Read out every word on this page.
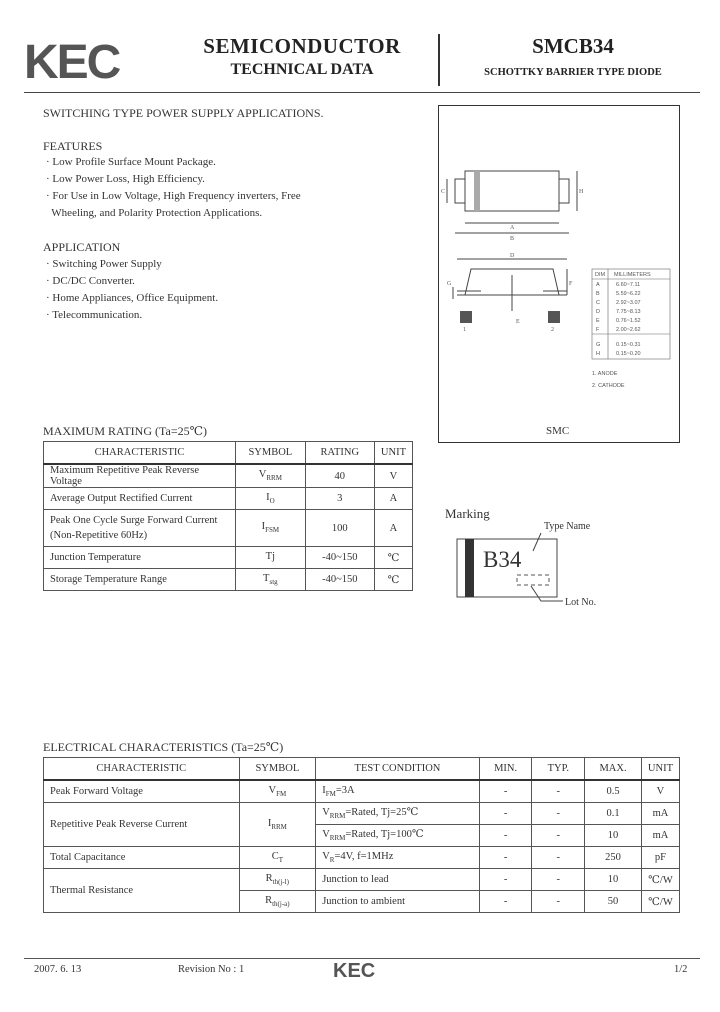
KEC	SEMICONDUCTOR
TECHNICAL DATA
SMCB34
SCHOTTKY BARRIER TYPE DIODE
SWITCHING TYPE POWER SUPPLY APPLICATIONS.
FEATURES
· Low Profile Surface Mount Package.
· Low Power Loss, High Efficiency.
· For Use in Low Voltage, High Frequency inverters, Free
Wheeling, and Polarity Protection Applications.
APPLICATION
· Switching Power Supply
· DC/DC Converter.
· Home Appliances, Office Equipment.
· Telecommunication.
A
B
C	H
D
E
F
G
1	2
DIM MILLIMETERS
A	6.60~7.11
B	5.59~6.22
C	2.92~3.07
D	7.75~8.13
E	0.76~1.52
F	2.00~2.62
G	0.15~0.31
H	0.15~0.20
1. ANODE
2. CATHODE
SMC
MAXIMUM RATING (Ta=25℃)
CHARACTERISTIC	SYMBOL	RATING	UNIT
Maximum Repetitive Peak Reverse Voltage	$V_{RRM}$	40	V
Average Output Rectified Current	$I_O$	3	A

Peak One Cycle Surge Forward Current
(Non-Repetitive 60Hz)	$I_{FSM}$	100	A
Junction Temperature	Tj	-40~150	℃
Storage Temperature Range	$T_{stg}$	-40~150	℃
Marking
B34
Type Name
Lot No.
ELECTRICAL CHARACTERISTICS (Ta=25℃)
CHARACTERISTIC	SYMBOL	TEST CONDITION	MIN.	TYP.	MAX.	UNIT
Peak Forward Voltage	$V_{FM}$	$I_{FM}=3A$	-	-	0.5	V
Repetitive Peak Reverse Current	$I_{RRM}$	$V_{RRM}=Rated$, Tj=25℃	-	-	0.1	mA
		$V_{RRM}=Rated$, Tj=100℃	-	-	10	mA
Total Capacitance	$C_T$	$V_R=4V$, f=1MHz	-	-	250	pF
Thermal Resistance	$R_{th(j-l)}$	Junction to lead	-	-	10	℃/W
	$R_{th(j-a)}$	Junction to ambient	-	-	50	℃/W
2007. 6. 13	Revision No : 1	KEC	1/2
